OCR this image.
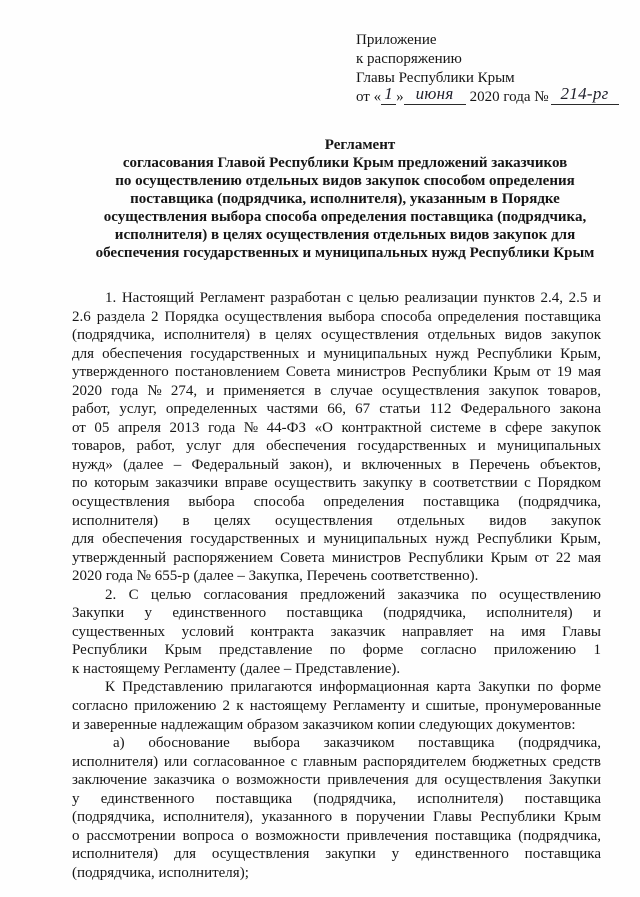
Приложение
к распоряжению
Главы Республики Крым
от « 1 » июня 2020 года № 214-рг
Регламент
согласования Главой Республики Крым предложений заказчиков
по осуществлению отдельных видов закупок способом определения
поставщика (подрядчика, исполнителя), указанным в Порядке
осуществления выбора способа определения поставщика (подрядчика,
исполнителя) в целях осуществления отдельных видов закупок для
обеспечения государственных и муниципальных нужд Республики Крым
1. Настоящий Регламент разработан с целью реализации пунктов 2.4, 2.5 и
2.6 раздела 2 Порядка осуществления выбора способа определения поставщика
(подрядчика, исполнителя) в целях осуществления отдельных видов закупок
для обеспечения государственных и муниципальных нужд Республики Крым,
утвержденного постановлением Совета министров Республики Крым от 19 мая
2020 года № 274, и применяется в случае осуществления закупок товаров,
работ, услуг, определенных частями 66, 67 статьи 112 Федерального закона
от 05 апреля 2013 года № 44-ФЗ «О контрактной системе в сфере закупок
товаров, работ, услуг для обеспечения государственных и муниципальных
нужд» (далее – Федеральный закон), и включенных в Перечень объектов,
по которым заказчики вправе осуществить закупку в соответствии с Порядком
осуществления выбора способа определения поставщика (подрядчика,
исполнителя) в целях осуществления отдельных видов закупок
для обеспечения государственных и муниципальных нужд Республики Крым,
утвержденный распоряжением Совета министров Республики Крым от 22 мая
2020 года № 655-р (далее – Закупка, Перечень соответственно).
2. С целью согласования предложений заказчика по осуществлению
Закупки у единственного поставщика (подрядчика, исполнителя) и
существенных условий контракта заказчик направляет на имя Главы
Республики Крым представление по форме согласно приложению 1
к настоящему Регламенту (далее – Представление).
К Представлению прилагаются информационная карта Закупки по форме
согласно приложению 2 к настоящему Регламенту и сшитые, пронумерованные
и заверенные надлежащим образом заказчиком копии следующих документов:
а) обоснование выбора заказчиком поставщика (подрядчика,
исполнителя) или согласованное с главным распорядителем бюджетных средств
заключение заказчика о возможности привлечения для осуществления Закупки
у единственного поставщика (подрядчика, исполнителя) поставщика
(подрядчика, исполнителя), указанного в поручении Главы Республики Крым
о рассмотрении вопроса о возможности привлечения поставщика (подрядчика,
исполнителя) для осуществления закупки у единственного поставщика
(подрядчика, исполнителя);
